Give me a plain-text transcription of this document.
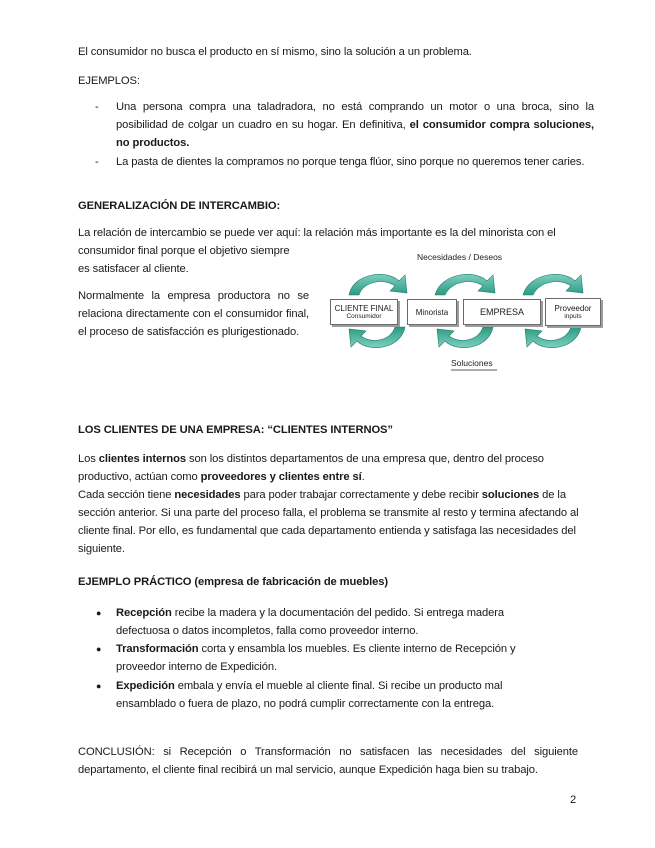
El consumidor no busca el producto en sí mismo, sino la solución a un problema.
EJEMPLOS:
- Una persona compra una taladradora, no está comprando un motor o una broca, sino la posibilidad de colgar un cuadro en su hogar. En definitiva, el consumidor compra soluciones, no productos.
- La pasta de dientes la compramos no porque tenga flúor, sino porque no queremos tener caries.
GENERALIZACIÓN DE INTERCAMBIO:
La relación de intercambio se puede ver aquí: la relación más importante es la del minorista con el
consumidor final porque el objetivo siempre
es satisfacer al cliente.
Normalmente la empresa productora no se relaciona directamente con el consumidor final, el proceso de satisfacción es plurigestionado.
Necesidades / Deseos
CLIENTE FINAL
Consumidor	Minorista	EMPRESA	Proveedor
inputs
Soluciones
LOS CLIENTES DE UNA EMPRESA: “CLIENTES INTERNOS”
Los clientes internos son los distintos departamentos de una empresa que, dentro del proceso productivo, actúan como proveedores y clientes entre sí.
Cada sección tiene necesidades para poder trabajar correctamente y debe recibir soluciones de la sección anterior. Si una parte del proceso falla, el problema se transmite al resto y termina afectando al cliente final. Por ello, es fundamental que cada departamento entienda y satisfaga las necesidades del siguiente.
EJEMPLO PRÁCTICO (empresa de fabricación de muebles)
● Recepción recibe la madera y la documentación del pedido. Si entrega madera defectuosa o datos incompletos, falla como proveedor interno.
● Transformación corta y ensambla los muebles. Es cliente interno de Recepción y proveedor interno de Expedición.
● Expedición embala y envía el mueble al cliente final. Si recibe un producto mal ensamblado o fuera de plazo, no podrá cumplir correctamente con la entrega.
CONCLUSIÓN: si Recepción o Transformación no satisfacen las necesidades del siguiente departamento, el cliente final recibirá un mal servicio, aunque Expedición haga bien su trabajo.
2
